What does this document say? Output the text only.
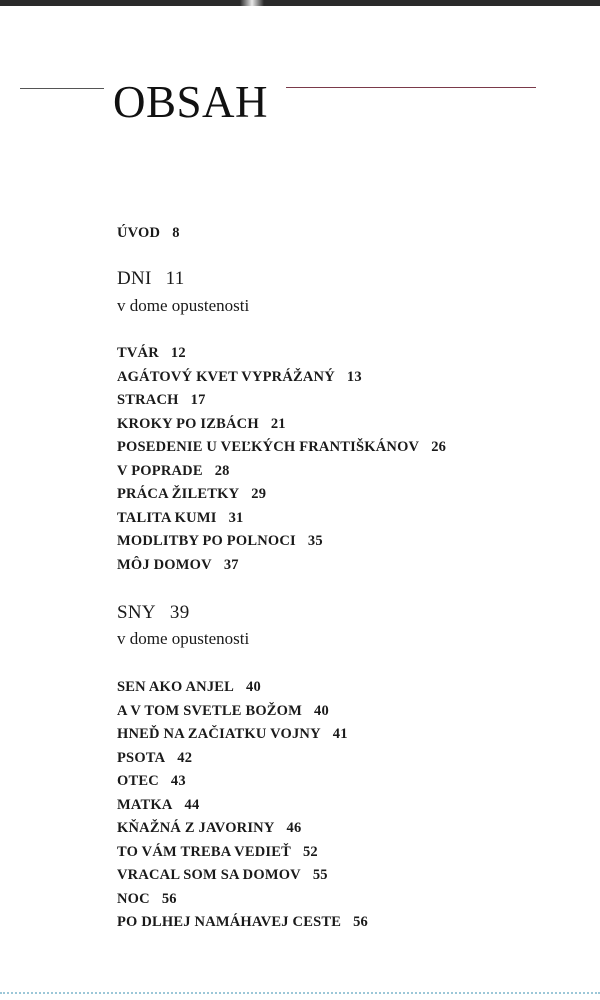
OBSAH
ÚVOD 8
DNI 11
v dome opustenosti
TVÁR 12
AGÁTOVÝ KVET VYPRÁŽANÝ 13
STRACH 17
KROKY PO IZBÁCH 21
POSEDENIE U VEĽKÝCH FRANTIŠKÁNOV 26
V POPRADE 28
PRÁCA ŽILETKY 29
TALITA KUMI 31
MODLITBY PO POLNOCI 35
MÔJ DOMOV 37
SNY 39
v dome opustenosti
SEN AKO ANJEL 40
A V TOM SVETLE BOŽOM 40
HNEĎ NA ZAČIATKU VOJNY 41
PSOTA 42
OTEC 43
MATKA 44
KŇAŽNÁ Z JAVORINY 46
TO VÁM TREBA VEDIEŤ 52
VRACAL SOM SA DOMOV 55
NOC 56
PO DLHEJ NAMÁHAVEJ CESTE 56
